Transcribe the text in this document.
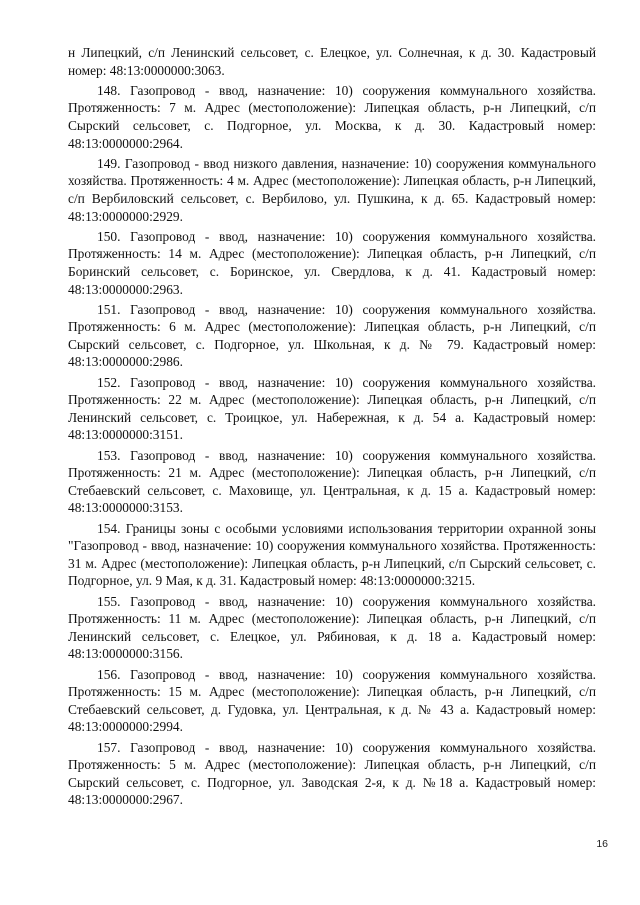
н Липецкий, с/п Ленинский сельсовет, с. Елецкое, ул. Солнечная, к д. 30. Кадастровый номер: 48:13:0000000:3063.

148. Газопровод - ввод, назначение: 10) сооружения коммунального хозяйства. Протяженность: 7 м. Адрес (местоположение): Липецкая область, р-н Липецкий, с/п Сырский сельсовет, с. Подгорное, ул. Москва, к д. 30. Кадастровый номер: 48:13:0000000:2964.

149. Газопровод - ввод низкого давления, назначение: 10) сооружения коммунального хозяйства. Протяженность: 4 м. Адрес (местоположение): Липецкая область, р-н Липецкий, с/п Вербиловский сельсовет, с. Вербилово, ул. Пушкина, к д. 65. Кадастровый номер: 48:13:0000000:2929.

150. Газопровод - ввод, назначение: 10) сооружения коммунального хозяйства. Протяженность: 14 м. Адрес (местоположение): Липецкая область, р-н Липецкий, с/п Боринский сельсовет, с. Боринское, ул. Свердлова, к д. 41. Кадастровый номер: 48:13:0000000:2963.

151. Газопровод - ввод, назначение: 10) сооружения коммунального хозяйства. Протяженность: 6 м. Адрес (местоположение): Липецкая область, р-н Липецкий, с/п Сырский сельсовет, с. Подгорное, ул. Школьная, к д. № 79. Кадастровый номер: 48:13:0000000:2986.

152. Газопровод - ввод, назначение: 10) сооружения коммунального хозяйства. Протяженность: 22 м. Адрес (местоположение): Липецкая область, р-н Липецкий, с/п Ленинский сельсовет, с. Троицкое, ул. Набережная, к д. 54 а. Кадастровый номер: 48:13:0000000:3151.

153. Газопровод - ввод, назначение: 10) сооружения коммунального хозяйства. Протяженность: 21 м. Адрес (местоположение): Липецкая область, р-н Липецкий, с/п Стебаевский сельсовет, с. Маховище, ул. Центральная, к д. 15 а. Кадастровый номер: 48:13:0000000:3153.

154. Границы зоны с особыми условиями использования территории охранной зоны "Газопровод - ввод, назначение: 10) сооружения коммунального хозяйства. Протяженность: 31 м. Адрес (местоположение): Липецкая область, р-н Липецкий, с/п Сырский сельсовет, с. Подгорное, ул. 9 Мая, к д. 31. Кадастровый номер: 48:13:0000000:3215.

155. Газопровод - ввод, назначение: 10) сооружения коммунального хозяйства. Протяженность: 11 м. Адрес (местоположение): Липецкая область, р-н Липецкий, с/п Ленинский сельсовет, с. Елецкое, ул. Рябиновая, к д. 18 а. Кадастровый номер: 48:13:0000000:3156.

156. Газопровод - ввод, назначение: 10) сооружения коммунального хозяйства. Протяженность: 15 м. Адрес (местоположение): Липецкая область, р-н Липецкий, с/п Стебаевский сельсовет, д. Гудовка, ул. Центральная, к д. № 43 а. Кадастровый номер: 48:13:0000000:2994.

157. Газопровод - ввод, назначение: 10) сооружения коммунального хозяйства. Протяженность: 5 м. Адрес (местоположение): Липецкая область, р-н Липецкий, с/п Сырский сельсовет, с. Подгорное, ул. Заводская 2-я, к д. №18 а. Кадастровый номер: 48:13:0000000:2967.

16
